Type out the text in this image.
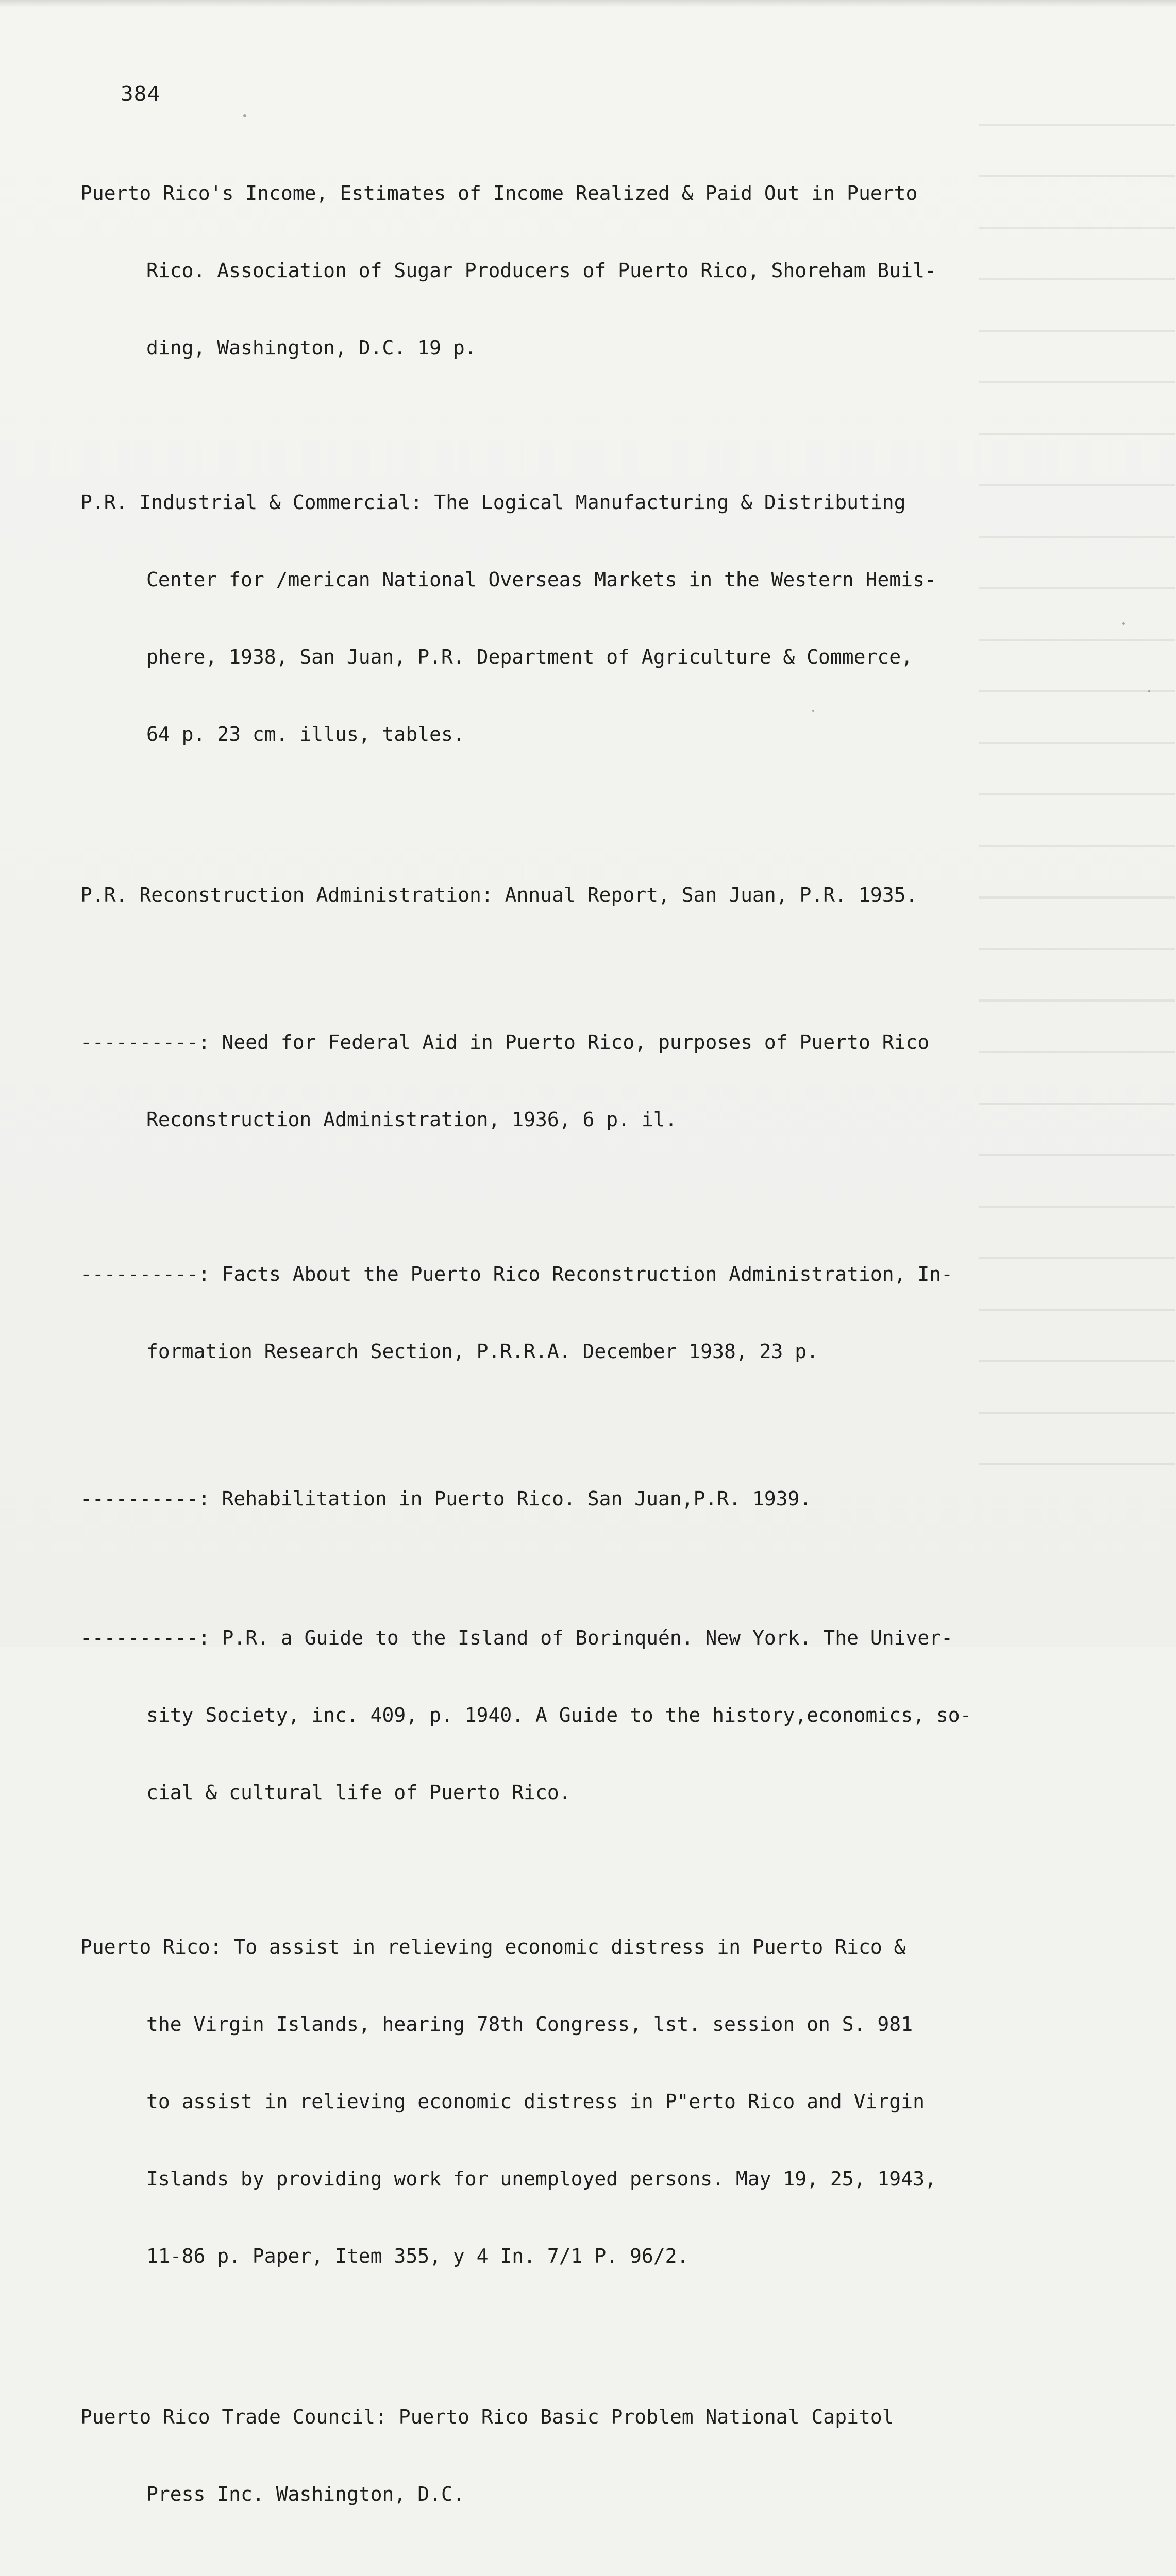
384

Puerto Rico's Income, Estimates of Income Realized & Paid Out in Puerto

Rico. Association of Sugar Producers of Puerto Rico, Shoreham Buil-

ding, Washington, D.C. 19 p.

P.R. Industrial & Commercial: The Logical Manufacturing & Distributing

Center for /merican National Overseas Markets in the Western Hemis-

phere, 1938, San Juan, P.R. Department of Agriculture & Commerce,

64 p. 23 cm. illus, tables.

P.R. Reconstruction Administration: Annual Report, San Juan, P.R. 1935.

----------: Need for Federal Aid in Puerto Rico, purposes of Puerto Rico

Reconstruction Administration, 1936, 6 p. il.

----------: Facts About the Puerto Rico Reconstruction Administration, In-

formation Research Section, P.R.R.A. December 1938, 23 p.

----------: Rehabilitation in Puerto Rico. San Juan,P.R. 1939.

----------: P.R. a Guide to the Island of Borinquén. New York. The Univer-

sity Society, inc. 409, p. 1940. A Guide to the history,economics, so-

cial & cultural life of Puerto Rico.

Puerto Rico: To assist in relieving economic distress in Puerto Rico &

the Virgin Islands, hearing 78th Congress, lst. session on S. 981

to assist in relieving economic distress in P"erto Rico and Virgin

Islands by providing work for unemployed persons. May 19, 25, 1943,

11-86 p. Paper, Item 355, y 4 In. 7/1 P. 96/2.

Puerto Rico Trade Council: Puerto Rico Basic Problem National Capitol

Press Inc. Washington, D.C.
